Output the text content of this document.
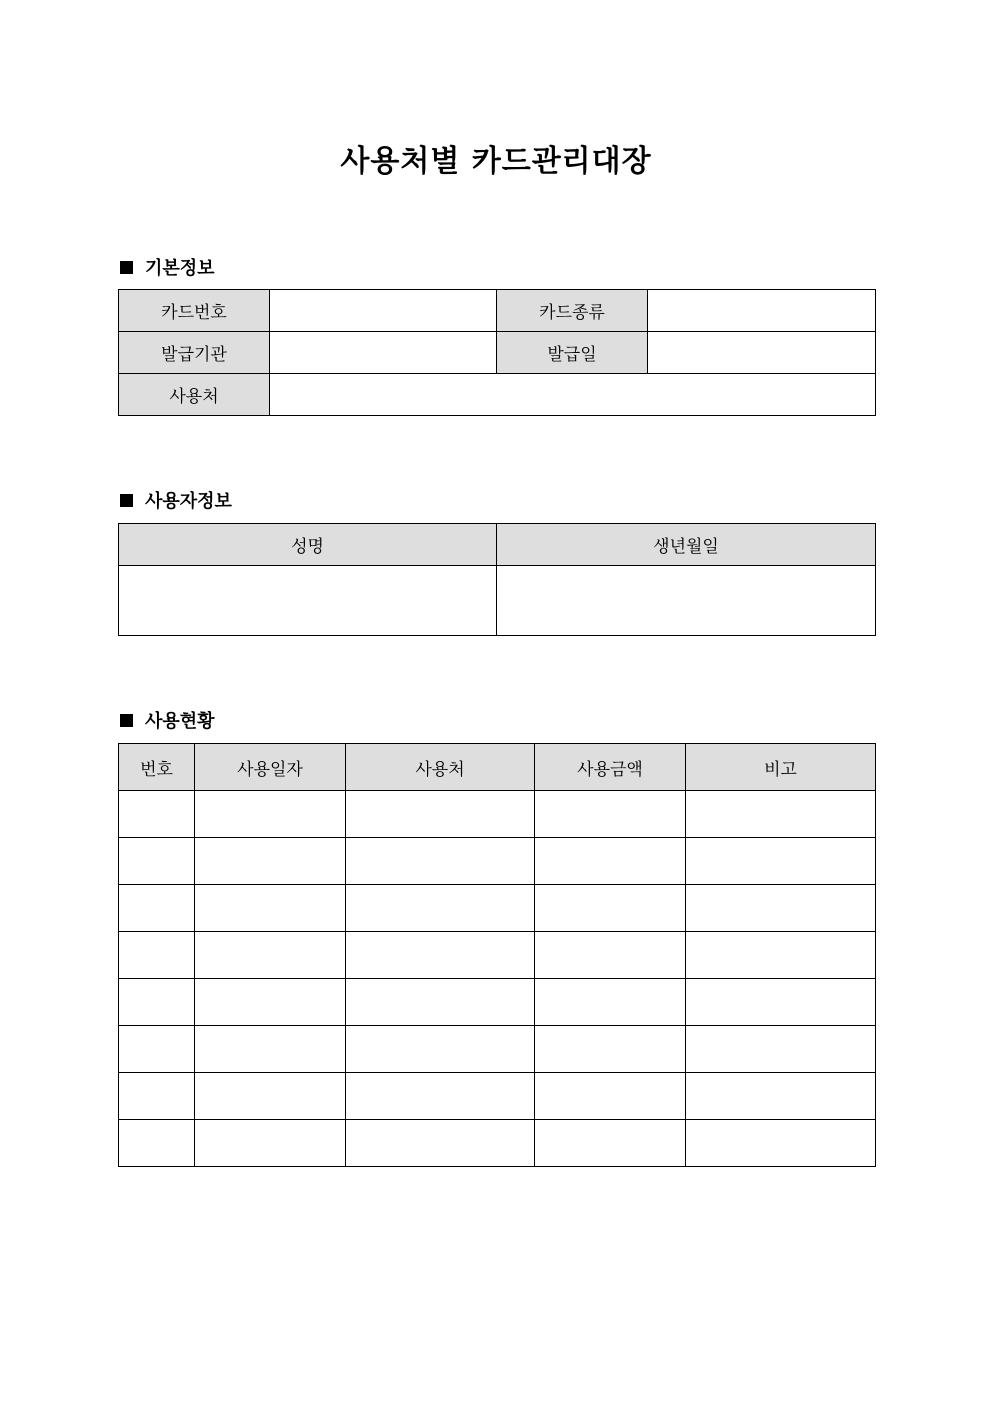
사용처별 카드관리대장
기본정보
카드번호		카드종류	
발급기관		발급일	
사용처			
사용자정보
성명	생년월일

사용현황
번호	사용일자	사용처	사용금액	비고
